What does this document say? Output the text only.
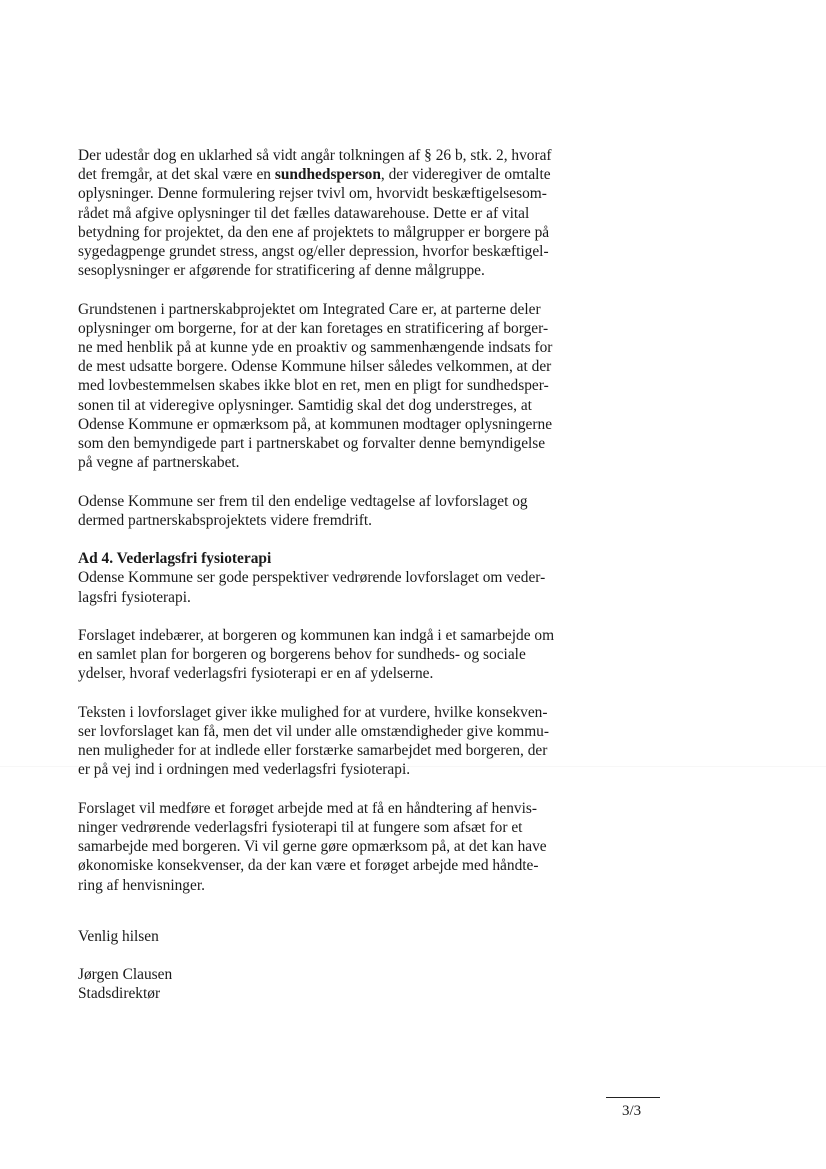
Der udestår dog en uklarhed så vidt angår tolkningen af § 26 b, stk. 2, hvoraf
det fremgår, at det skal være en sundhedsperson, der videregiver de omtalte
oplysninger. Denne formulering rejser tvivl om, hvorvidt beskæftigelsesom-
rådet må afgive oplysninger til det fælles datawarehouse. Dette er af vital
betydning for projektet, da den ene af projektets to målgrupper er borgere på
sygedagpenge grundet stress, angst og/eller depression, hvorfor beskæftigel-
sesoplysninger er afgørende for stratificering af denne målgruppe.

Grundstenen i partnerskabprojektet om Integrated Care er, at parterne deler
oplysninger om borgerne, for at der kan foretages en stratificering af borger-
ne med henblik på at kunne yde en proaktiv og sammenhængende indsats for
de mest udsatte borgere. Odense Kommune hilser således velkommen, at der
med lovbestemmelsen skabes ikke blot en ret, men en pligt for sundhedsper-
sonen til at videregive oplysninger. Samtidig skal det dog understreges, at
Odense Kommune er opmærksom på, at kommunen modtager oplysningerne
som den bemyndigede part i partnerskabet og forvalter denne bemyndigelse
på vegne af partnerskabet.

Odense Kommune ser frem til den endelige vedtagelse af lovforslaget og
dermed partnerskabsprojektets videre fremdrift.

Ad 4. Vederlagsfri fysioterapi
Odense Kommune ser gode perspektiver vedrørende lovforslaget om veder-
lagsfri fysioterapi.

Forslaget indebærer, at borgeren og kommunen kan indgå i et samarbejde om
en samlet plan for borgeren og borgerens behov for sundheds- og sociale
ydelser, hvoraf vederlagsfri fysioterapi er en af ydelserne.

Teksten i lovforslaget giver ikke mulighed for at vurdere, hvilke konsekven-
ser lovforslaget kan få, men det vil under alle omstændigheder give kommu-
nen muligheder for at indlede eller forstærke samarbejdet med borgeren, der
er på vej ind i ordningen med vederlagsfri fysioterapi.

Forslaget vil medføre et forøget arbejde med at få en håndtering af henvis-
ninger vedrørende vederlagsfri fysioterapi til at fungere som afsæt for et
samarbejde med borgeren. Vi vil gerne gøre opmærksom på, at det kan have
økonomiske konsekvenser, da der kan være et forøget arbejde med håndte-
ring af henvisninger.

Venlig hilsen

Jørgen Clausen
Stadsdirektør

3/3
